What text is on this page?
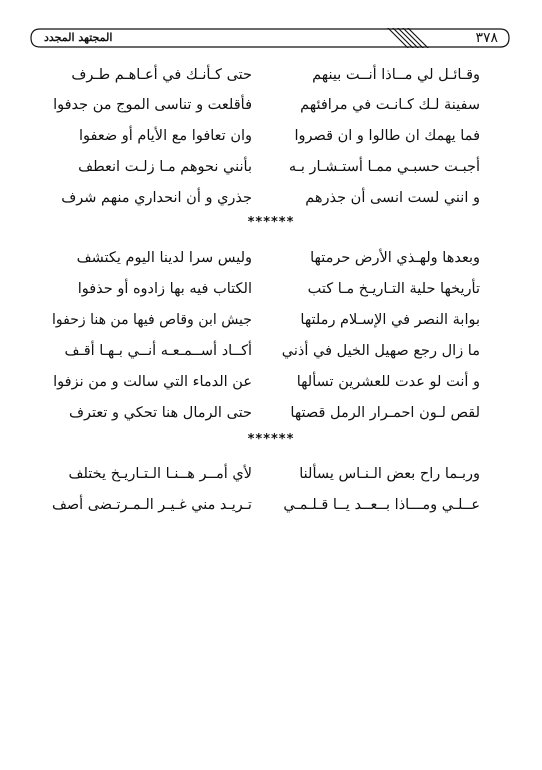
٣٧٨
المجتهد المجدد
وقـائـل لي مــاذا أنــت بينهم
حتى كـأنـك في أعـاهـم طـرف
سفينة لـك كـانـت في مرافئهم
فأقلعت و تناسى الموج من جدفوا
فما يهمك ان طالوا و ان قصروا
وان تعافوا مع الأيام أو ضعفوا
أجبـت حسبـي ممـا أستـشـار بـه
بأنني نحوهم مـا زلـت انعطف
و انني لست انسى أن جذرهم
جذري و أن انحداري منهم شرف
******
وبعدها ولهـذي الأرض حرمتها
وليس سرا لدينا اليوم يكتشف
تأريخها حلية التـاريـخ مـا كتب
الكتاب فيه بها زادوه أو حذفوا
بوابة النصر في الإسـلام رملتها
جيش ابن وقاص فيها من هنا زحفوا
ما زال رجع صهيل الخيل في أذني
أكــاد أســمـعـه أنــي بـهـا أقـف
و أنت لو عدت للعشرين تسألها
عن الدماء التي سالت و من نزفوا
لقص لـون احمـرار الرمل قصتها
حتى الرمال هنا تحكي و تعترف
******
وربـما راح بعض الـنـاس يسألنا
لأي أمــر هــنـا الـتـاريـخ يختلف
عــلـي ومـــاذا بــعــد يــا قـلـمـي
تـريـد مني غـيـر الـمـرتـضى أصف
